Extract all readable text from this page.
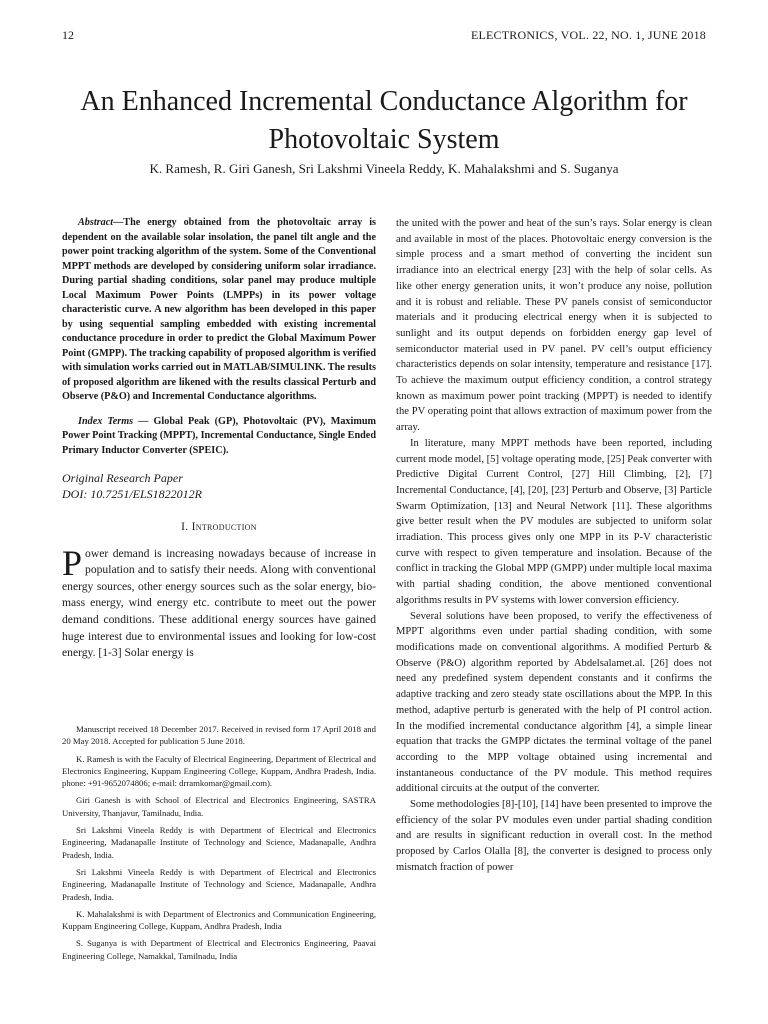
12	ELECTRONICS, VOL. 22, NO. 1, JUNE 2018
An Enhanced Incremental Conductance Algorithm for Photovoltaic System
K. Ramesh, R. Giri Ganesh, Sri Lakshmi Vineela Reddy, K. Mahalakshmi and S. Suganya

Abstract—The energy obtained from the photovoltaic array is dependent on the available solar insolation, the panel tilt angle and the power point tracking algorithm of the system. Some of the Conventional MPPT methods are developed by considering uniform solar irradiance. During partial shading conditions, solar panel may produce multiple Local Maximum Power Points (LMPPs) in its power voltage characteristic curve. A new algorithm has been developed in this paper by using sequential sampling embedded with existing incremental conductance procedure in order to predict the Global Maximum Power Point (GMPP). The tracking capability of proposed algorithm is verified with simulation works carried out in MATLAB/SIMULINK. The results of proposed algorithm are likened with the results classical Perturb and Observe (P&O) and Incremental Conductance algorithms.

Index Terms — Global Peak (GP), Photovoltaic (PV), Maximum Power Point Tracking (MPPT), Incremental Conductance, Single Ended Primary Inductor Converter (SPEIC).

Original Research Paper
DOI: 10.7251/ELS1822012R
I. Introduction

Power demand is increasing nowadays because of increase in population and to satisfy their needs. Along with conventional energy sources, other energy sources such as the solar energy, bio-mass energy, wind energy etc. contribute to meet out the power demand conditions. These additional energy sources have gained huge interest due to environmental issues and looking for low-cost energy. [1-3] Solar energy is

Manuscript received 18 December 2017. Received in revised form 17 April 2018 and 20 May 2018. Accepted for publication 5 June 2018.

K. Ramesh is with the Faculty of Electrical Engineering, Department of Electrical and Electronics Engineering, Kuppam Engineering College, Kuppam, Andhra Pradesh, India. phone: +91-9652074806; e-mail: drramkomar@gmail.com).

Giri Ganesh is with School of Electrical and Electronics Engineering, SASTRA University, Thanjavur, Tamilnadu, India.

Sri Lakshmi Vineela Reddy is with Department of Electrical and Electronics Engineering, Madanapalle Institute of Technology and Science, Madanapalle, Andhra Pradesh, India.

Sri Lakshmi Vineela Reddy is with Department of Electrical and Electronics Engineering, Madanapalle Institute of Technology and Science, Madanapalle, Andhra Pradesh, India.

K. Mahalakshmi is with Department of Electronics and Communication Engineering, Kuppam Engineering College, Kuppam, Andhra Pradesh, India

S. Suganya is with Department of Electrical and Electronics Engineering, Paavai Engineering College, Namakkal, Tamilnadu, India

the united with the power and heat of the sun’s rays. Solar energy is clean and available in most of the places. Photovoltaic energy conversion is the simple process and a smart method of converting the incident sun irradiance into an electrical energy [23] with the help of solar cells. As like other energy generation units, it won’t produce any noise, pollution and it is robust and reliable. These PV panels consist of semiconductor materials and it producing electrical energy when it is subjected to sunlight and its output depends on forbidden energy gap level of semiconductor material used in PV panel. PV cell’s output efficiency characteristics depends on solar intensity, temperature and resistance [17]. To achieve the maximum output efficiency condition, a control strategy known as maximum power point tracking (MPPT) is needed to identify the PV operating point that allows extraction of maximum power from the array.

In literature, many MPPT methods have been reported, including current mode model, [5] voltage operating mode, [25] Peak converter with Predictive Digital Current Control, [27] Hill Climbing, [2], [7] Incremental Conductance, [4], [20], [23] Perturb and Observe, [3] Particle Swarm Optimization, [13] and Neural Network [11]. These algorithms give better result when the PV modules are subjected to uniform solar irradiation. This process gives only one MPP in its P-V characteristic curve with respect to given temperature and insolation. Because of the conflict in tracking the Global MPP (GMPP) under multiple local maxima with partial shading condition, the above mentioned conventional algorithms results in PV systems with lower conversion efficiency.

Several solutions have been proposed, to verify the effectiveness of MPPT algorithms even under partial shading condition, with some modifications made on conventional algorithms. A modified Perturb & Observe (P&O) algorithm reported by Abdelsalamet.al. [26] does not need any predefined system dependent constants and it confirms the adaptive tracking and zero steady state oscillations about the MPP. In this method, adaptive perturb is generated with the help of PI control action. In the modified incremental conductance algorithm [4], a simple linear equation that tracks the GMPP dictates the terminal voltage of the panel according to the MPP voltage obtained using incremental and instantaneous conductance of the PV module. This method requires additional circuits at the output of the converter.

Some methodologies [8]-[10], [14] have been presented to improve the efficiency of the solar PV modules even under partial shading condition and are results in significant reduction in overall cost. In the method proposed by Carlos Olalla [8], the converter is designed to process only mismatch fraction of power
